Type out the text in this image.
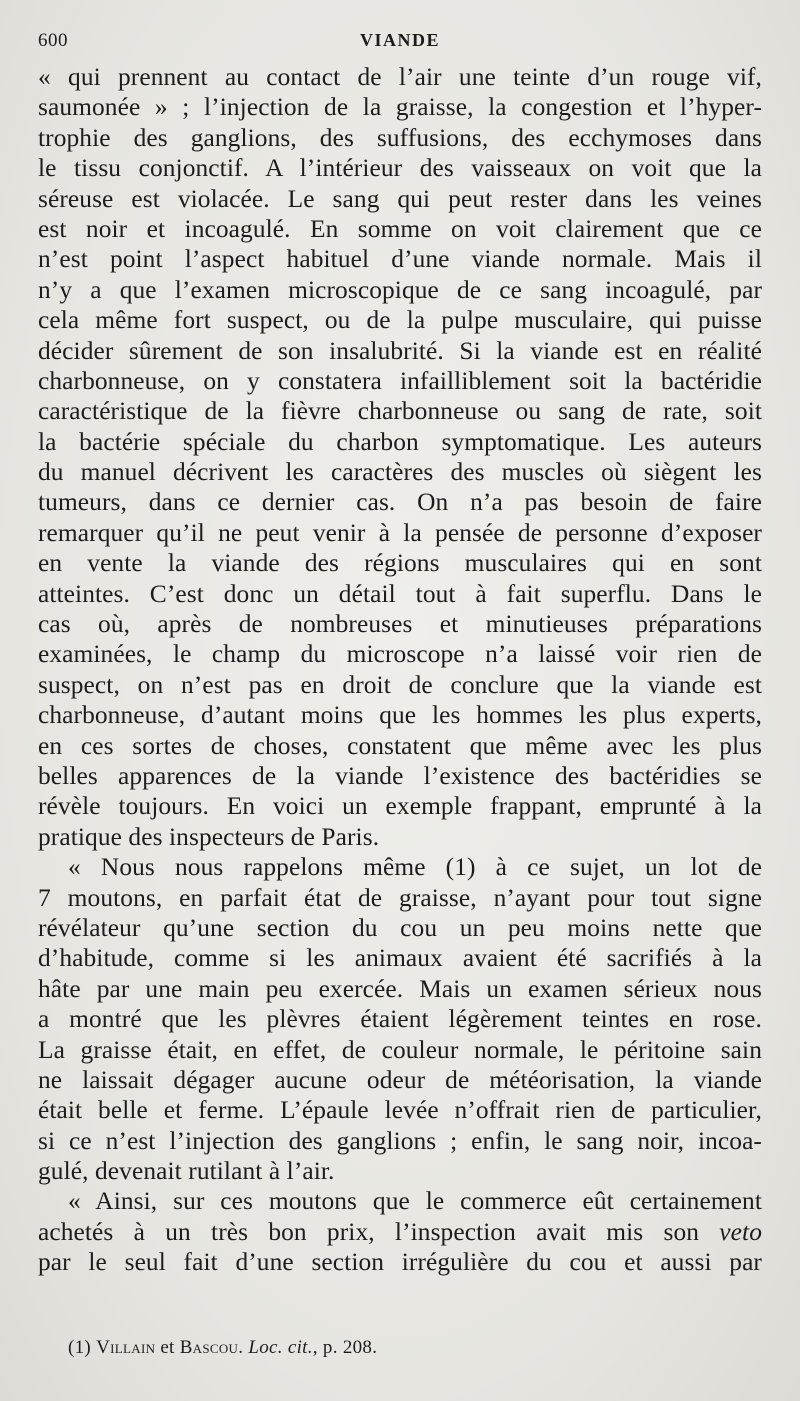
600	VIANDE
« qui prennent au contact de l’air une teinte d’un rouge vif,
saumonée » ; l’injection de la graisse, la congestion et l’hyper-
trophie des ganglions, des suffusions, des ecchymoses dans
le tissu conjonctif. A l’intérieur des vaisseaux on voit que la
séreuse est violacée. Le sang qui peut rester dans les veines
est noir et incoagulé. En somme on voit clairement que ce
n’est point l’aspect habituel d’une viande normale. Mais il
n’y a que l’examen microscopique de ce sang incoagulé, par
cela même fort suspect, ou de la pulpe musculaire, qui puisse
décider sûrement de son insalubrité. Si la viande est en réalité
charbonneuse, on y constatera infailliblement soit la bactéridie
caractéristique de la fièvre charbonneuse ou sang de rate, soit
la bactérie spéciale du charbon symptomatique. Les auteurs
du manuel décrivent les caractères des muscles où siègent les
tumeurs, dans ce dernier cas. On n’a pas besoin de faire
remarquer qu’il ne peut venir à la pensée de personne d’exposer
en vente la viande des régions musculaires qui en sont
atteintes. C’est donc un détail tout à fait superflu. Dans le
cas où, après de nombreuses et minutieuses préparations
examinées, le champ du microscope n’a laissé voir rien de
suspect, on n’est pas en droit de conclure que la viande est
charbonneuse, d’autant moins que les hommes les plus experts,
en ces sortes de choses, constatent que même avec les plus
belles apparences de la viande l’existence des bactéridies se
révèle toujours. En voici un exemple frappant, emprunté à la
pratique des inspecteurs de Paris.
« Nous nous rappelons même (1) à ce sujet, un lot de
7 moutons, en parfait état de graisse, n’ayant pour tout signe
révélateur qu’une section du cou un peu moins nette que
d’habitude, comme si les animaux avaient été sacrifiés à la
hâte par une main peu exercée. Mais un examen sérieux nous
a montré que les plèvres étaient légèrement teintes en rose.
La graisse était, en effet, de couleur normale, le péritoine sain
ne laissait dégager aucune odeur de météorisation, la viande
était belle et ferme. L’épaule levée n’offrait rien de particulier,
si ce n’est l’injection des ganglions ; enfin, le sang noir, incoa-
gulé, devenait rutilant à l’air.
« Ainsi, sur ces moutons que le commerce eût certainement
achetés à un très bon prix, l’inspection avait mis son veto
par le seul fait d’une section irrégulière du cou et aussi par
(1) Villain et Bascou. Loc. cit., p. 208.
